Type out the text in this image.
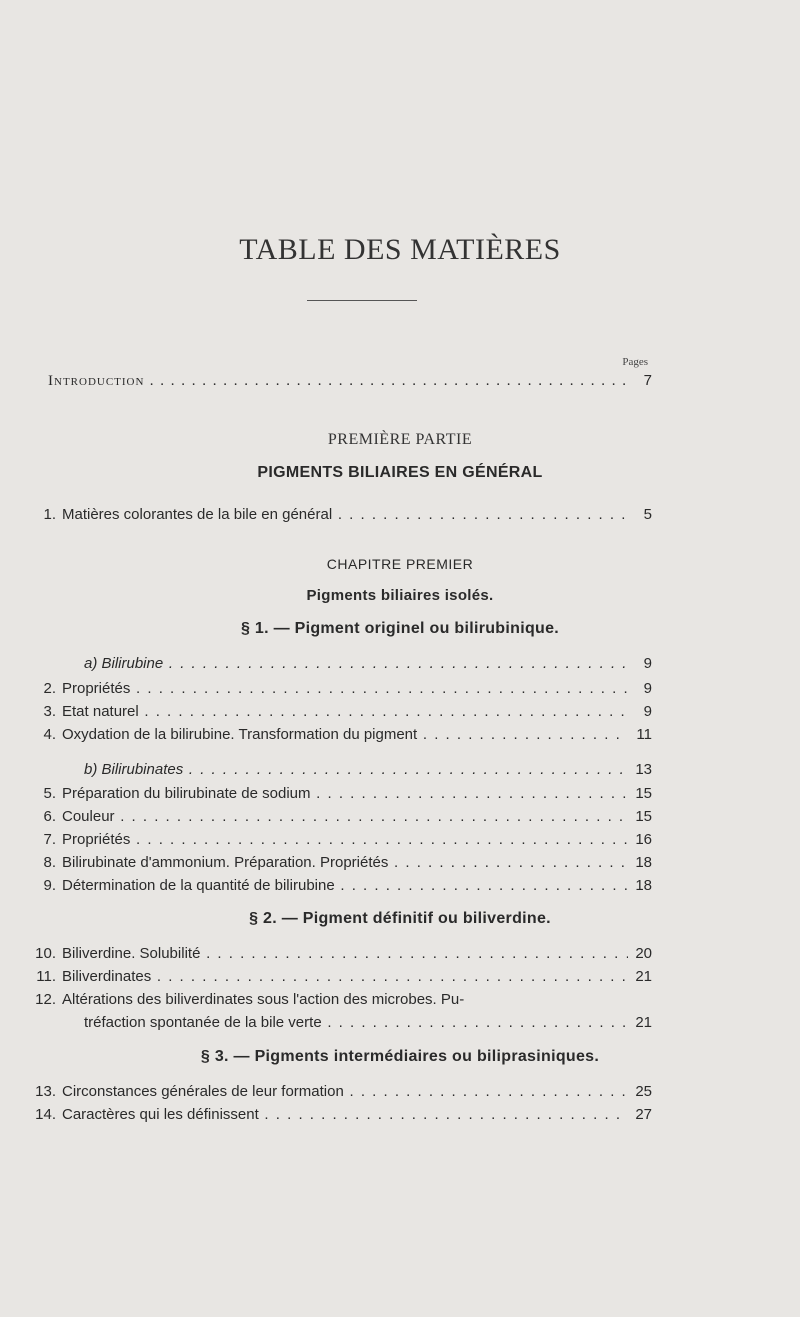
TABLE DES MATIÈRES
Pages
Introduction . . .	7
PREMIÈRE PARTIE
PIGMENTS BILIAIRES EN GÉNÉRAL
1. Matières colorantes de la bile en général . . .	5
CHAPITRE PREMIER
Pigments biliaires isolés.
§ 1. — Pigment originel ou bilirubinique.
a) Bilirubine . . .	9
2. Propriétés . . .	9
3. Etat naturel . . .	9
4. Oxydation de la bilirubine. Transformation du pigment . . .	11
b) Bilirubinates . . .	13
5. Préparation du bilirubinate de sodium . . .	15
6. Couleur . . .	15
7. Propriétés . . .	16
8. Bilirubinate d'ammonium. Préparation. Propriétés . . .	18
9. Détermination de la quantité de bilirubine . . .	18
§ 2. — Pigment définitif ou biliverdine.
10. Biliverdine. Solubilité . . .	20
11. Biliverdinates . . .	21
12. Altérations des biliverdinates sous l'action des microbes. Pu-
tréfaction spontanée de la bile verte . . .	21
§ 3. — Pigments intermédiaires ou biliprasiniques.
13. Circonstances générales de leur formation . . .	25
14. Caractères qui les définissent . . .	27
